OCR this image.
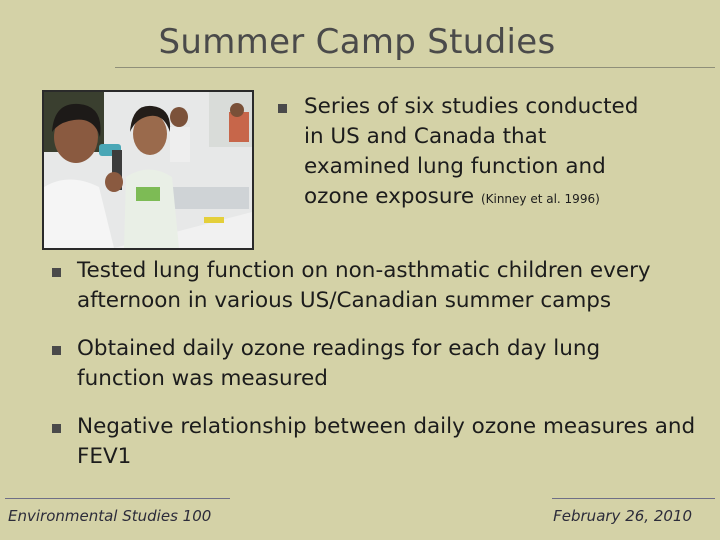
Summer Camp Studies
Series of six studies conducted in US and Canada that examined lung function and ozone exposure (Kinney et al. 1996)
Tested lung function on non-asthmatic children every afternoon in various US/Canadian summer camps
Obtained daily ozone readings for each day lung function was measured
Negative relationship between daily ozone measures and FEV1
Environmental Studies 100	February 26, 2010
